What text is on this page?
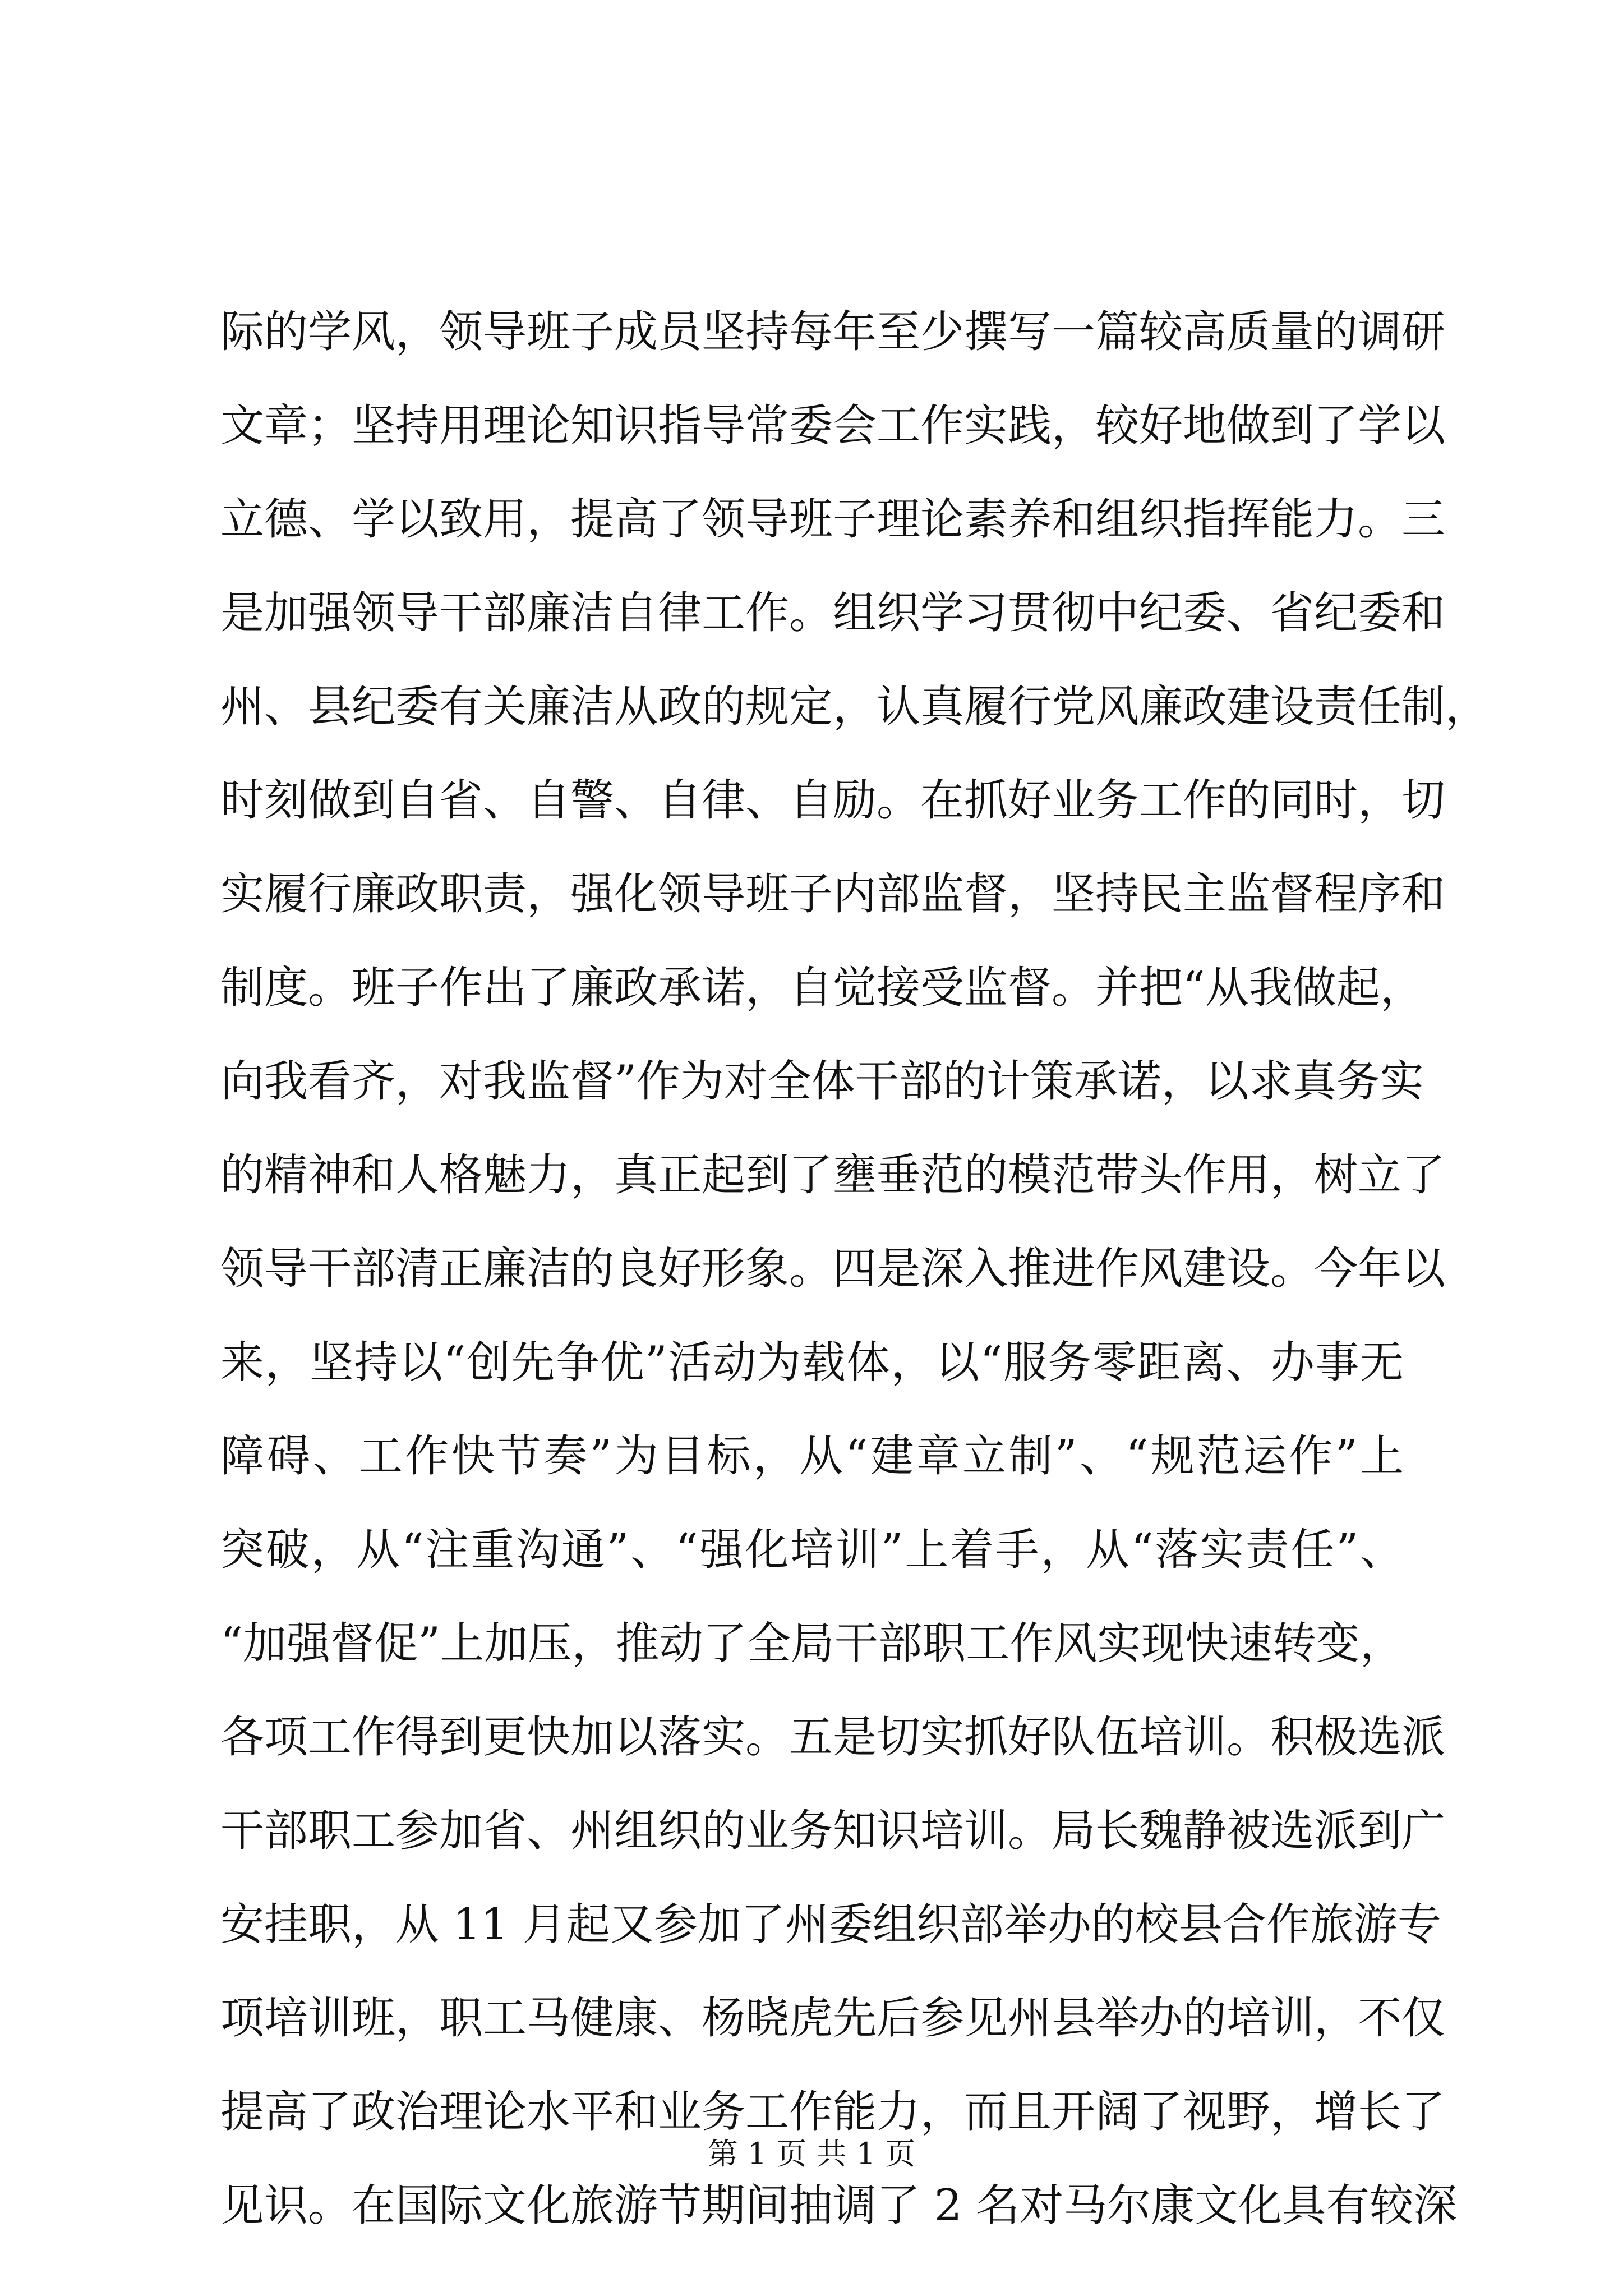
际的学风，领导班子成员坚持每年至少撰写一篇较高质量的调研
文章；坚持用理论知识指导常委会工作实践，较好地做到了学以
立德、学以致用，提高了领导班子理论素养和组织指挥能力。三
是加强领导干部廉洁自律工作。组织学习贯彻中纪委、省纪委和
州、县纪委有关廉洁从政的规定，认真履行党风廉政建设责任制，
时刻做到自省、自警、自律、自励。在抓好业务工作的同时，切
实履行廉政职责，强化领导班子内部监督，坚持民主监督程序和
制度。班子作出了廉政承诺，自觉接受监督。并把“从我做起，
向我看齐，对我监督”作为对全体干部的计策承诺，以求真务实
的精神和人格魅力，真正起到了壅垂范的模范带头作用，树立了
领导干部清正廉洁的良好形象。四是深入推进作风建设。今年以
来，坚持以“创先争优”活动为载体，以“服务零距离、办事无
障碍、工作快节奏”为目标，从“建章立制”、“规范运作”上
突破，从“注重沟通”、“强化培训”上着手，从“落实责任”、
“加强督促”上加压，推动了全局干部职工作风实现快速转变，
各项工作得到更快加以落实。五是切实抓好队伍培训。积极选派
干部职工参加省、州组织的业务知识培训。局长魏静被选派到广
安挂职，从 11 月起又参加了州委组织部举办的校县合作旅游专
项培训班，职工马健康、杨晓虎先后参见州县举办的培训，不仅
提高了政治理论水平和业务工作能力，而且开阔了视野，增长了
见识。在国际文化旅游节期间抽调了 2 名对马尔康文化具有较深
第 1 页 共 1 页
